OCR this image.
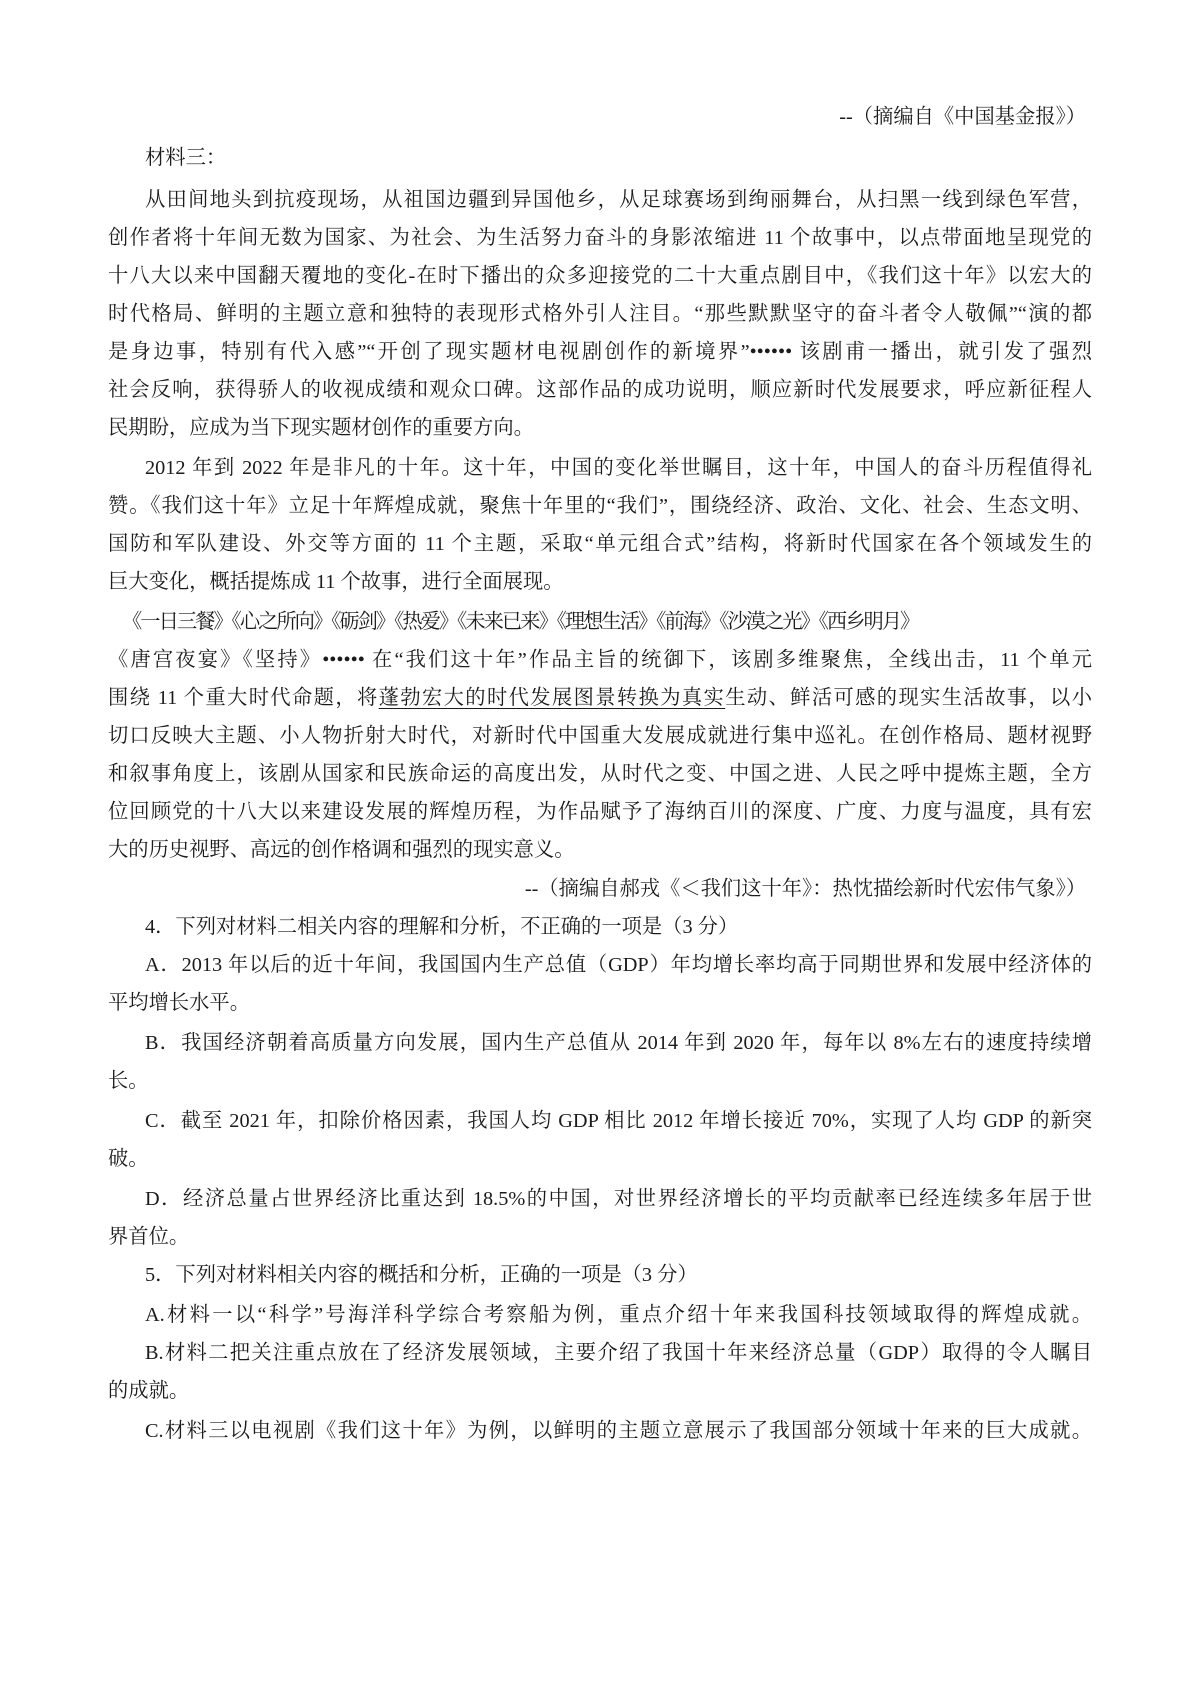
--（摘编自《中国基金报》）
材料三：
从田间地头到抗疫现场，从祖国边疆到异国他乡，从足球赛场到绚丽舞台，从扫黑一线到绿色军营，
创作者将十年间无数为国家、为社会、为生活努力奋斗的身影浓缩进 11 个故事中，以点带面地呈现党的
十八大以来中国翻天覆地的变化-在时下播出的众多迎接党的二十大重点剧目中，《我们这十年》以宏大的
时代格局、鲜明的主题立意和独特的表现形式格外引人注目。“那些默默坚守的奋斗者令人敬佩”“演的都
是身边事，特别有代入感”“开创了现实题材电视剧创作的新境界”•••••• 该剧甫一播出，就引发了强烈
社会反响，获得骄人的收视成绩和观众口碑。这部作品的成功说明，顺应新时代发展要求，呼应新征程人
民期盼，应成为当下现实题材创作的重要方向。
2012 年到 2022 年是非凡的十年。这十年，中国的变化举世瞩目，这十年，中国人的奋斗历程值得礼
赞。《我们这十年》立足十年辉煌成就，聚焦十年里的“我们”，围绕经济、政治、文化、社会、生态文明、
国防和军队建设、外交等方面的 11 个主题，采取“单元组合式”结构，将新时代国家在各个领域发生的
巨大变化，概括提炼成 11 个故事，进行全面展现。
《一日三餐》《心之所向》《砺剑》《热爱》《未来已来》《理想生活》《前海》《沙漠之光》《西乡明月》
《唐宫夜宴》《坚持》•••••• 在“我们这十年”作品主旨的统御下，该剧多维聚焦，全线出击，11 个单元
围绕 11 个重大时代命题，将蓬勃宏大的时代发展图景转换为真实生动、鲜活可感的现实生活故事，以小
切口反映大主题、小人物折射大时代，对新时代中国重大发展成就进行集中巡礼。在创作格局、题材视野
和叙事角度上，该剧从国家和民族命运的高度出发，从时代之变、中国之进、人民之呼中提炼主题，全方
位回顾党的十八大以来建设发展的辉煌历程，为作品赋予了海纳百川的深度、广度、力度与温度，具有宏
大的历史视野、高远的创作格调和强烈的现实意义。
--（摘编自郝戎《＜我们这十年》：热忱描绘新时代宏伟气象》）
4．下列对材料二相关内容的理解和分析，不正确的一项是（3 分）
A．2013 年以后的近十年间，我国国内生产总值（GDP）年均增长率均高于同期世界和发展中经济体的
平均增长水平。
B．我国经济朝着高质量方向发展，国内生产总值从 2014 年到 2020 年，每年以 8%左右的速度持续增
长。
C．截至 2021 年，扣除价格因素，我国人均 GDP 相比 2012 年增长接近 70%，实现了人均 GDP 的新突
破。
D．经济总量占世界经济比重达到 18.5%的中国，对世界经济增长的平均贡献率已经连续多年居于世
界首位。
5．下列对材料相关内容的概括和分析，正确的一项是（3 分）
A.材料一以“科学”号海洋科学综合考察船为例，重点介绍十年来我国科技领域取得的辉煌成就。
B.材料二把关注重点放在了经济发展领域，主要介绍了我国十年来经济总量（GDP）取得的令人瞩目
的成就。
C.材料三以电视剧《我们这十年》为例，以鲜明的主题立意展示了我国部分领域十年来的巨大成就。
